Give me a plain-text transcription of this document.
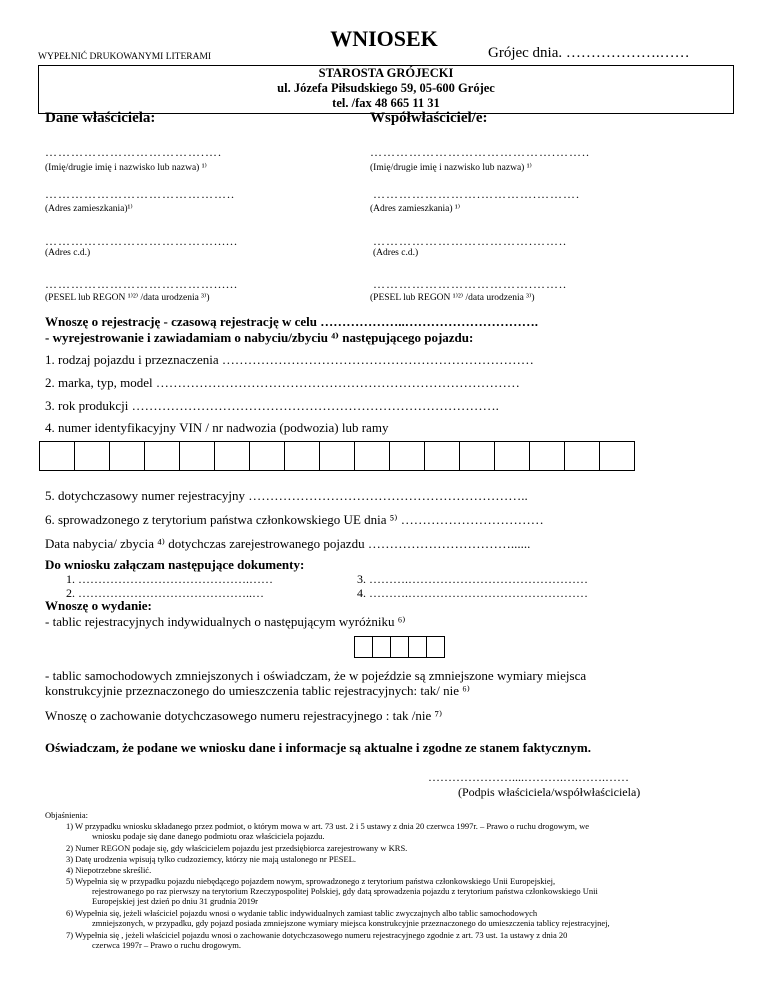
WNIOSEK
WYPEŁNIĆ DRUKOWANYMI LITERAMI	Grójec dnia. ……………….……
STAROSTA GRÓJECKI
ul. Józefa Piłsudskiego 59, 05-600 Grójec
tel. /fax 48 665 11 31
Dane właściciela:
……………………………….….
(Imię/drugie imię i nazwisko lub nazwa) ¹⁾
……………………………………..
(Adres zamieszkania)¹⁾
…………………………………......
(Adres c.d.)
…………………………………......
(PESEL lub REGON ¹⁾²⁾ /data urodzenia ³⁾)
Współwłaściciel/e:
…………………………………….……..
(Imię/drugie imię i nazwisko lub nazwa) ¹⁾
…………………….………….……….
(Adres zamieszkania) ¹⁾
……………………………….……..
(Adres c.d.)
……………………………….……..
(PESEL lub REGON ¹⁾²⁾ /data urodzenia ³⁾)
Wnoszę o rejestrację - czasową rejestrację w celu ………………..………………………….
- wyrejestrowanie i zawiadamiam o nabyciu/zbyciu ⁴⁾ następującego pojazdu:
1. rodzaj pojazdu i przeznaczenia ………………………………………………………………
2. marka, typ, model …………………………………………………………………………
3. rok produkcji ………………………………………………………………………….
4. numer identyfikacyjny VIN / nr nadwozia (podwozia) lub ramy

5. dotychczasowy numer rejestracyjny ………………………………………………………..
6. sprowadzonego z terytorium państwa członkowskiego UE dnia ⁵⁾ ……………………………
Data nabycia/ zbycia ⁴⁾ dotychczas zarejestrowanego pojazdu ……………………………......
Do wniosku załączam następujące dokumenty:
1. …………………………………….……
2. ……………………………………..…
3. ……….………………………………………
4. ……….………………………………………
Wnoszę o wydanie:
- tablic rejestracyjnych indywidualnych o następującym wyróżniku ⁶⁾

- tablic samochodowych zmniejszonych i oświadczam, że w pojeździe są zmniejszone wymiary miejsca
konstrukcyjnie przeznaczonego do umieszczenia tablic rejestracyjnych: tak/ nie ⁶⁾
Wnoszę o zachowanie dotychczasowego numeru rejestracyjnego : tak /nie ⁷⁾
Oświadczam, że podane we wniosku dane i informacje są aktualne i zgodne ze stanem faktycznym.
…………………....……….….…….……
(Podpis właściciela/współwłaściciela)
Objaśnienia:
1) W przypadku wniosku składanego przez podmiot, o którym mowa w art. 73 ust. 2 i 5 ustawy z dnia 20 czerwca 1997r. – Prawo o ruchu drogowym, we
wniosku podaje się dane danego podmiotu oraz właściciela pojazdu.
2) Numer REGON podaje się, gdy właścicielem pojazdu jest przedsiębiorca zarejestrowany w KRS.
3) Datę urodzenia wpisują tylko cudzoziemcy, którzy nie mają ustalonego nr PESEL.
4) Niepotrzebne skreślić.
5) Wypełnia się w przypadku pojazdu niebędącego pojazdem nowym, sprowadzonego z terytorium państwa członkowskiego Unii Europejskiej,
rejestrowanego po raz pierwszy na terytorium Rzeczypospolitej Polskiej, gdy datą sprowadzenia pojazdu z terytorium państwa członkowskiego Unii
Europejskiej jest dzień po dniu 31 grudnia 2019r
6) Wypełnia się, jeżeli właściciel pojazdu wnosi o wydanie tablic indywidualnych zamiast tablic zwyczajnych albo tablic samochodowych
zmniejszonych, w przypadku, gdy pojazd posiada zmniejszone wymiary miejsca konstrukcyjnie przeznaczonego do umieszczenia tablicy rejestracyjnej,
7) Wypełnia się , jeżeli właściciel pojazdu wnosi o zachowanie dotychczasowego numeru rejestracyjnego zgodnie z art. 73 ust. 1a ustawy z dnia 20
czerwca 1997r – Prawo o ruchu drogowym.
